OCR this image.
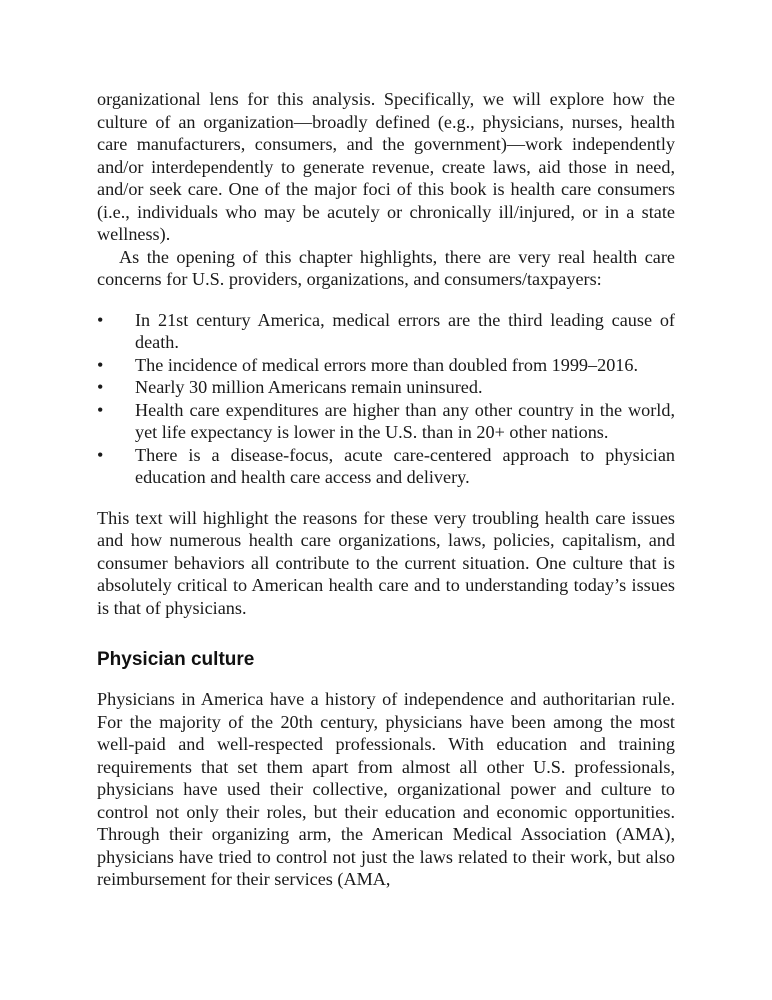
organizational lens for this analysis. Specifically, we will explore how the culture of an organization—broadly defined (e.g., physicians, nurses, health care manufacturers, consumers, and the government)—work independently and/or interdependently to generate revenue, create laws, aid those in need, and/or seek care. One of the major foci of this book is health care consumers (i.e., individuals who may be acutely or chronically ill/injured, or in a state wellness).

As the opening of this chapter highlights, there are very real health care concerns for U.S. providers, organizations, and consumers/taxpayers:

• In 21st century America, medical errors are the third leading cause of death.
• The incidence of medical errors more than doubled from 1999–2016.
• Nearly 30 million Americans remain uninsured.
• Health care expenditures are higher than any other country in the world, yet life expectancy is lower in the U.S. than in 20+ other nations.
• There is a disease-focus, acute care-centered approach to physician education and health care access and delivery.

This text will highlight the reasons for these very troubling health care issues and how numerous health care organizations, laws, policies, capitalism, and consumer behaviors all contribute to the current situation. One culture that is absolutely critical to American health care and to understanding today’s issues is that of physicians.

Physician culture

Physicians in America have a history of independence and authoritarian rule. For the majority of the 20th century, physicians have been among the most well-paid and well-respected professionals. With education and training requirements that set them apart from almost all other U.S. professionals, physicians have used their collective, organizational power and culture to control not only their roles, but their education and economic opportunities. Through their organizing arm, the American Medical Association (AMA), physicians have tried to control not just the laws related to their work, but also reimbursement for their services (AMA,
